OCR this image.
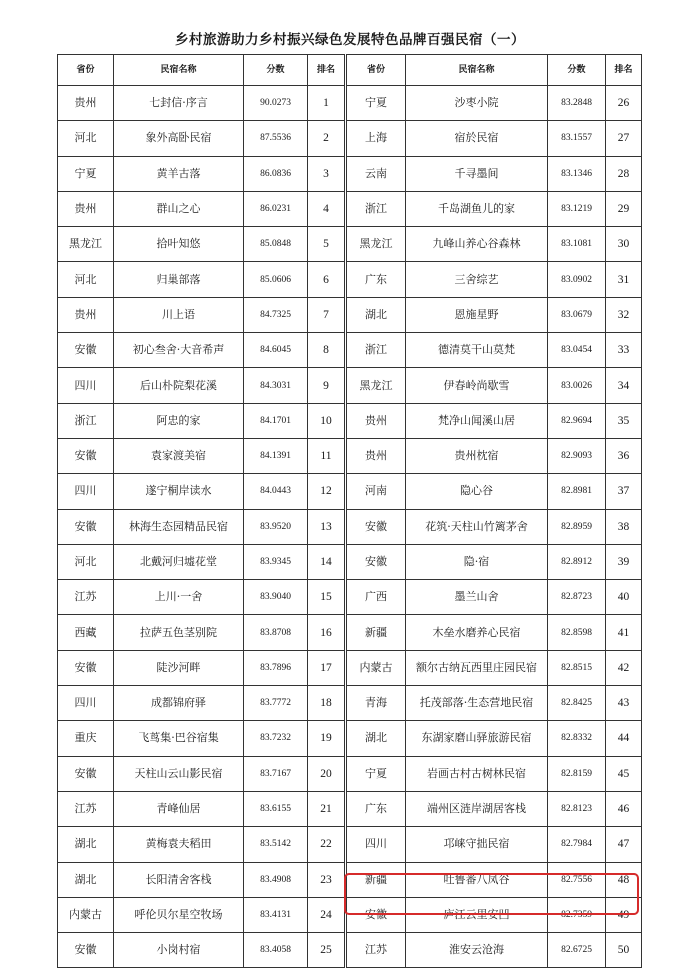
乡村旅游助力乡村振兴绿色发展特色品牌百强民宿（一）
省份	民宿名称	分数	排名	省份	民宿名称	分数	排名
贵州	七封信·序言	90.0273	1	宁夏	沙枣小院	83.2848	26
河北	象外高卧民宿	87.5536	2	上海	宿於民宿	83.1557	27
宁夏	黄羊古落	86.0836	3	云南	千寻墨间	83.1346	28
贵州	群山之心	86.0231	4	浙江	千岛湖鱼儿的家	83.1219	29
黑龙江	拾叶知悠	85.0848	5	黑龙江	九峰山养心谷森林	83.1081	30
河北	归巢部落	85.0606	6	广东	三舍综艺	83.0902	31
贵州	川上语	84.7325	7	湖北	恩施星野	83.0679	32
安徽	初心叁舍·大音希声	84.6045	8	浙江	德清莫干山莫梵	83.0454	33
四川	后山朴院梨花溪	84.3031	9	黑龙江	伊春岭尚歇雪	83.0026	34
浙江	阿忠的家	84.1701	10	贵州	梵净山闻溪山居	82.9694	35
安徽	袁家渡美宿	84.1391	11	贵州	贵州枕宿	82.9093	36
四川	遂宁桐岸读水	84.0443	12	河南	隐心谷	82.8981	37
安徽	林海生态园精品民宿	83.9520	13	安徽	花筑·天柱山竹篱茅舍	82.8959	38
河北	北戴河归墟花堂	83.9345	14	安徽	隐·宿	82.8912	39
江苏	上川·一舍	83.9040	15	广西	墨兰山舍	82.8723	40
西藏	拉萨五色茎别院	83.8708	16	新疆	木垒水磨养心民宿	82.8598	41
安徽	陡沙河畔	83.7896	17	内蒙古	额尔古纳瓦西里庄园民宿	82.8515	42
四川	成都锦府驿	83.7772	18	青海	托茂部落·生态营地民宿	82.8425	43
重庆	飞茑集·巴谷宿集	83.7232	19	湖北	东湖家磨山驿旅游民宿	82.8332	44
安徽	天柱山云山影民宿	83.7167	20	宁夏	岩画古村古树林民宿	82.8159	45
江苏	青峰仙居	83.6155	21	广东	端州区涟岸湖居客栈	82.8123	46
湖北	黄梅袁夫稻田	83.5142	22	四川	邛崃守拙民宿	82.7984	47
湖北	长阳清舍客栈	83.4908	23	新疆	吐鲁番八凤谷	82.7556	48
内蒙古	呼伦贝尔星空牧场	83.4131	24	安徽	庐江云里安凹	82.7359	49
安徽	小岗村宿	83.4058	25	江苏	淮安云沧海	82.6725	50
